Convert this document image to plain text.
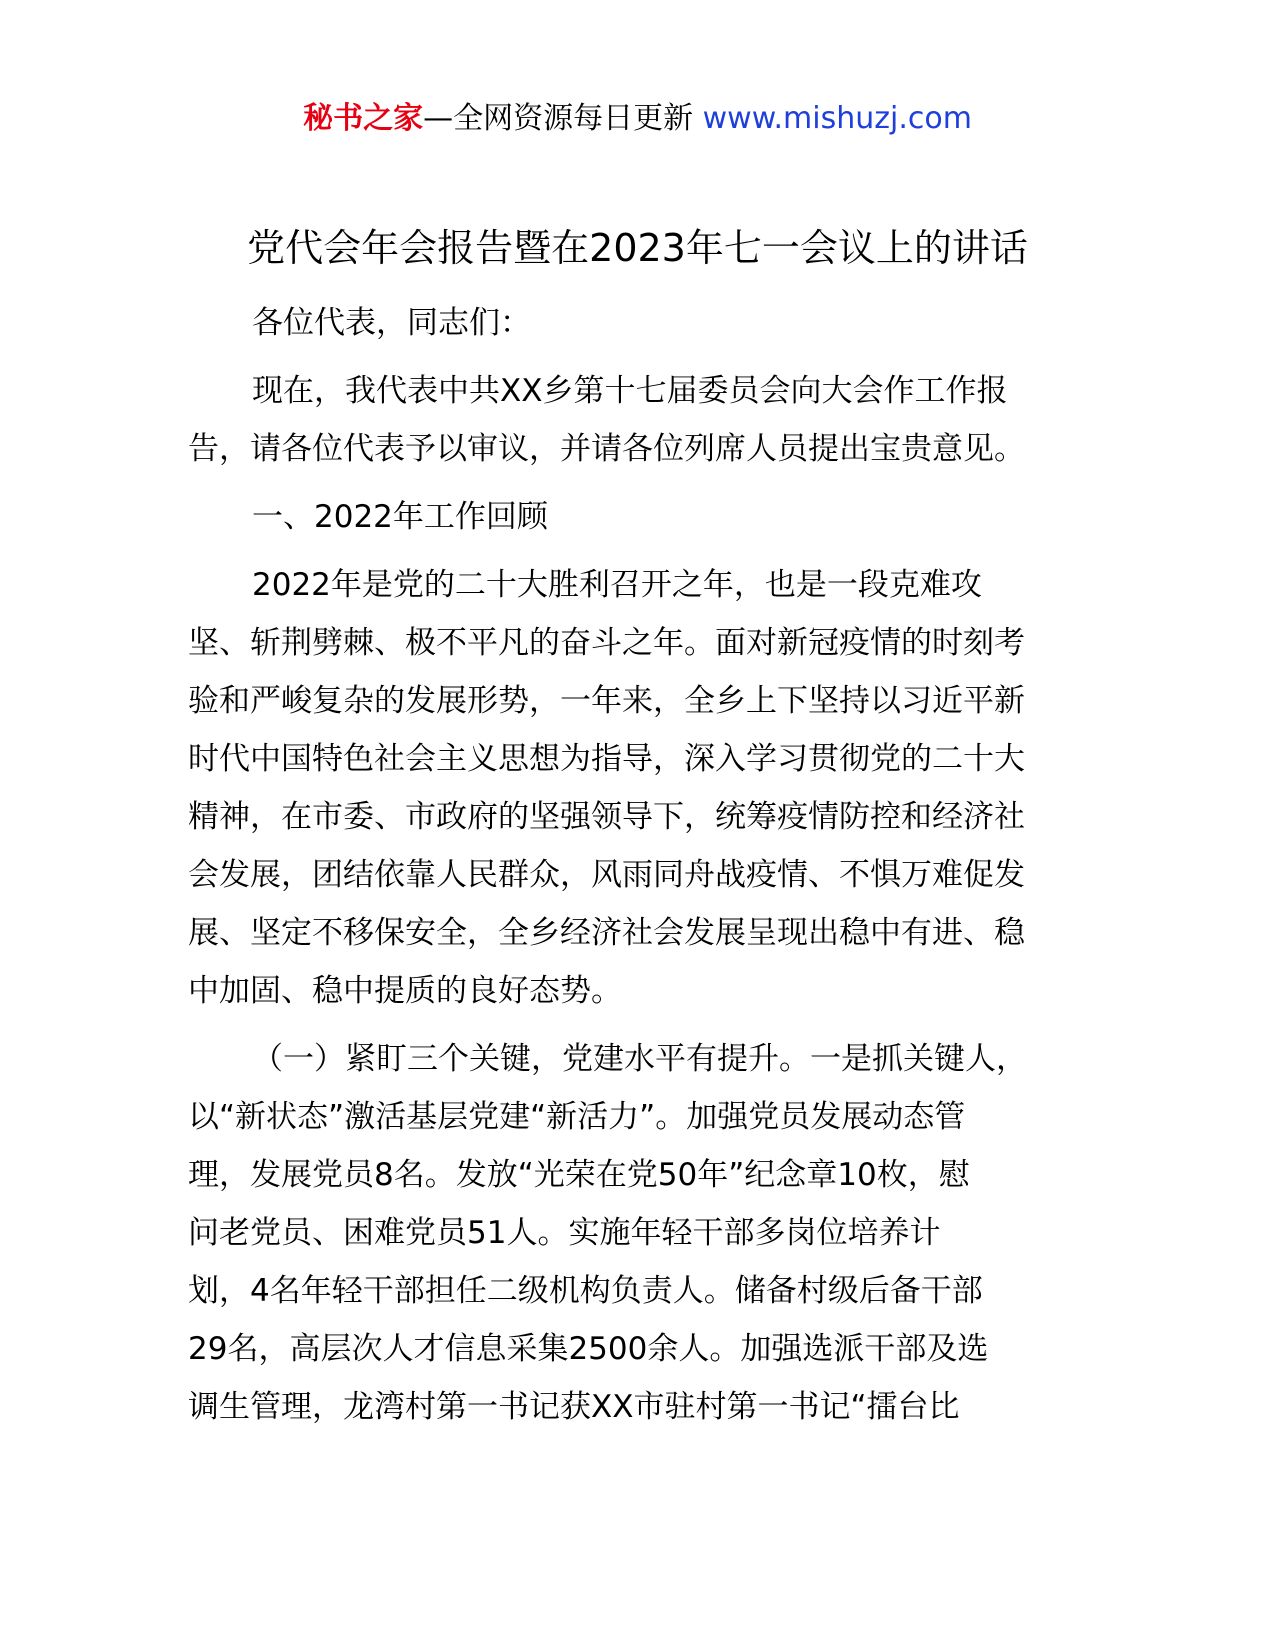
秘书之家—全网资源每日更新 www.mishuzj.com
党代会年会报告暨在2023年七一会议上的讲话
各位代表，同志们：
现在，我代表中共XX乡第十七届委员会向大会作工作报
告，请各位代表予以审议，并请各位列席人员提出宝贵意见。
一、2022年工作回顾
2022年是党的二十大胜利召开之年，也是一段克难攻
坚、斩荆劈棘、极不平凡的奋斗之年。面对新冠疫情的时刻考
验和严峻复杂的发展形势，一年来，全乡上下坚持以习近平新
时代中国特色社会主义思想为指导，深入学习贯彻党的二十大
精神，在市委、市政府的坚强领导下，统筹疫情防控和经济社
会发展，团结依靠人民群众，风雨同舟战疫情、不惧万难促发
展、坚定不移保安全，全乡经济社会发展呈现出稳中有进、稳
中加固、稳中提质的良好态势。
（一）紧盯三个关键，党建水平有提升。一是抓关键人，
以“新状态”激活基层党建“新活力”。加强党员发展动态管
理，发展党员8名。发放“光荣在党50年”纪念章10枚，慰
问老党员、困难党员51人。实施年轻干部多岗位培养计
划，4名年轻干部担任二级机构负责人。储备村级后备干部
29名，高层次人才信息采集2500余人。加强选派干部及选
调生管理，龙湾村第一书记获XX市驻村第一书记“擂台比
